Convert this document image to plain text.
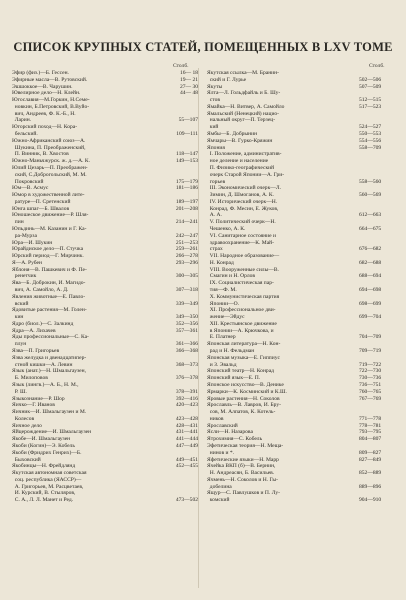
СПИСОК КРУПНЫХ СТАТЕЙ, ПОМЕЩЕННЫХ В LXV ТОМЕ
Столб.	Столб.
Эфир (физ.)—Б. Гессен.	16— 18
Эфирные масла—В. Рутовский.	19— 21
Эшшоккое—В. Чарушин.	27— 30
Ювелирное дело—Н. Клейн.	44— 48
Югославия—М.Горкин, Н.Семе-
новкин, Б.Петровский, В.Вуйо-
вич, Андреев, Ф. К.-Б., Н.
Ларин.	55—107
Югорский поход—Н. Кора-
бельский.	109—111
Южно-Африканский союз—А.
Шукина, П. Преображенский,
П. Винник, В. Хвостов	118—147
Южно-Маньчжурск. ж. д.—А. К.	149—153
Юлий Цезарь—П. Преображен-
ский, С.Доброгольский, М. М.
Покровский	175—179
Юм—В. Асмус	181—186
Юмор в художественной лите-
ратуре—П. Сретенский	189—197
Юнга шпаг—Б. Швалов	201—208
Юношеское движение—Р. Шля-
пин	214—241
Юпьдинь—М. Казанин и Г. Ка-
ра-Мурза	242—247
Юра—И. Шукин	251—253
Юрайдиское дело—П. Стучка	259—261
Юрский период—Г. Мирчинк.	266—278
Я—А. Рубен	293—296
Яблоня—В. Пашкевич и Ф. Пе-
ренетчик	300—305
Ява—Б. Доброкин, И. Магидо-
вич, А. Самойло, А. Д.	307—318
Явления животные—Е. Павло-
вский	339—349
Ядовитые растения—М. Голен-
кин	349—350
Ядро (биол.)—С. Залкинд	352—356
Ядра—А. Лихачев	357—361
Яды профессиональные—С. Ка-
плун	361—366
Язва—П. Григорьев	366—368
Язва желудка и двенадцатипер-
стной кишки—А. Левин	368—373
Язык (анат.)—Н. Шмальгаузен,
Б. Милоповов	376—378
Язык (лингв.)—А. Б., Н. М.,
Р. Ш.	378—391
Языкознание—Р. Шор	392—416
Яичко—Г. Иванов	420—423
Яичник—И. Шмальгаузен и М.
Колесов	423—428
Яичное дело	428—431
Яйцерождение—И. Шмальгаузен	431—441
Якобе—И. Шмальгаузен	441—444
Якоби (Когин)—Э. Кобель	447—449
Якоби (Фридрих Генрих)—Б.
Быховский	449—451
Якобинцы—Н. Фрейдлянд	452—455
Якутская автономная советская
соц. республика (ЯАССР)—
А. Григорьев, М. Расцветаев,
И. Курский, В. Стыляров,
С. А., Л. Л. Манет и Ред.	473—502
Якутская ссылка—М. Бранин-
ский и Г. Лурье	502—506
Якуты	507—509
Ялта—Л. Гольдфайль и Б. Шу-
стов	512—515
Ямайка—Н. Витвер, А. Самойло	517—523
Ямальский (Ненецкий) нацио-
нальный округ—П. Терзец-
кий	524—527
Ямбы—Б. Добрынин	550—553
Ямчары—В. Гурко-Кряжин	554—556
Япония	558—709
I. Положение, административ-
ное деление и население
П. Физико-географический
очерк Старой Японии—А. Гри-
горьев	558—560
III. Экономический очерк—Л.
Зимин, Д. Шмоганов, А. К.	560—569
IV. Исторический очерк—Н.
Конрад, Ф. Месин, Е. Жуков,
А. А.	612—663
V. Политический очерк—Н.
Чешенко, А. К.	664—675
VI. Санитарное состояние и
здравоохранение—К. Май-
страх	676—682
VII. Народное образование—
Н. Конрад	682—688
VIII. Вооруженные силы—В.
Смагин и Н. Орлов	688—694
IX. Социалистическая пар-
тия—Ф. М.	694—698
X. Коммунистическая партия
Японии—О.	698—699
XI. Профессиональное дви-
жение—Эйдус	699—704
XII. Крестьянское движение
в Японии—А. Крючкова, и
Е. Платнер	704—709
Японская литература—Н. Кон-
рад и Н. Фельдман	709—719
Японская музыка—Е. Гиппиус
и З. Эвальд	719—722
Японский театр—Н. Конрад	722—730
Японский язык—Е. П.	730—736
Японское искусство—В. Денике	736—751
Ярмарки—К. Косминский и К.Ш.	760—765
Яровые растения—Н. Соколов	767—769
Ярославль—В. Лавров, И. Бру-
сов, М. Алпатов, К. Котель-
ников	771—778
Ярославский	778—781
Ясли—Н. Назарова	793—795
Ятрохимия—С. Кобель	804—807
Эфетическая теория—Н. Меща-
нинов и *.	809—827
Яфетические языки—Н. Марр	827—849
Ячейка ВКП (б)—В. Бернин,
Н. Андреасян, Б. Васильев.	852—889
Ячмень—Н. Соколов и Н. Гы-
добелина	889—896
Ящур—С. Павлушков и П. Лу-
комский	904—910
